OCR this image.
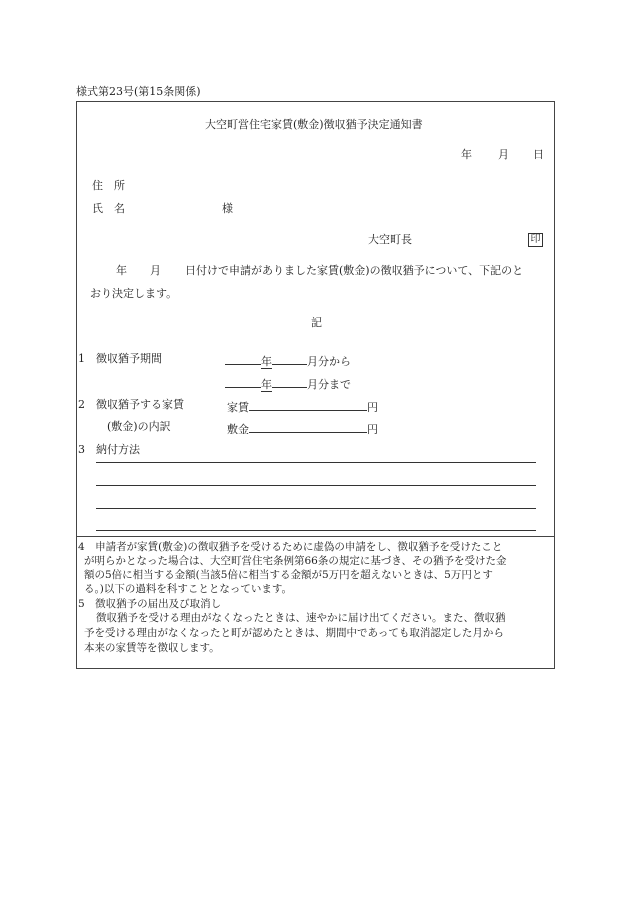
様式第23号(第15条関係)
大空町営住宅家賃(敷金)徴収猶予決定通知書
年 月 日
住　所
氏　名	様
大空町長	印
年 月 日付けで申請がありました家賃(敷金)の徴収猶予について、下記のと
おり決定します。
記
1 徴収猶予期間	年	月分から
年	月分まで
2 徴収猶予する家賃	家賃	円
(敷金)の内訳	敷金	円
3 納付方法
4　申請者が家賃(敷金)の徴収猶予を受けるために虚偽の申請をし、徴収猶予を受けたこと
が明らかとなった場合は、大空町営住宅条例第66条の規定に基づき、その猶予を受けた金
額の5倍に相当する金額(当該5倍に相当する金額が5万円を超えないときは、5万円とす
る。)以下の過料を科すこととなっています。
5　徴収猶予の届出及び取消し
徴収猶予を受ける理由がなくなったときは、速やかに届け出てください。また、徴収猶
予を受ける理由がなくなったと町が認めたときは、期間中であっても取消認定した月から
本来の家賃等を徴収します。
